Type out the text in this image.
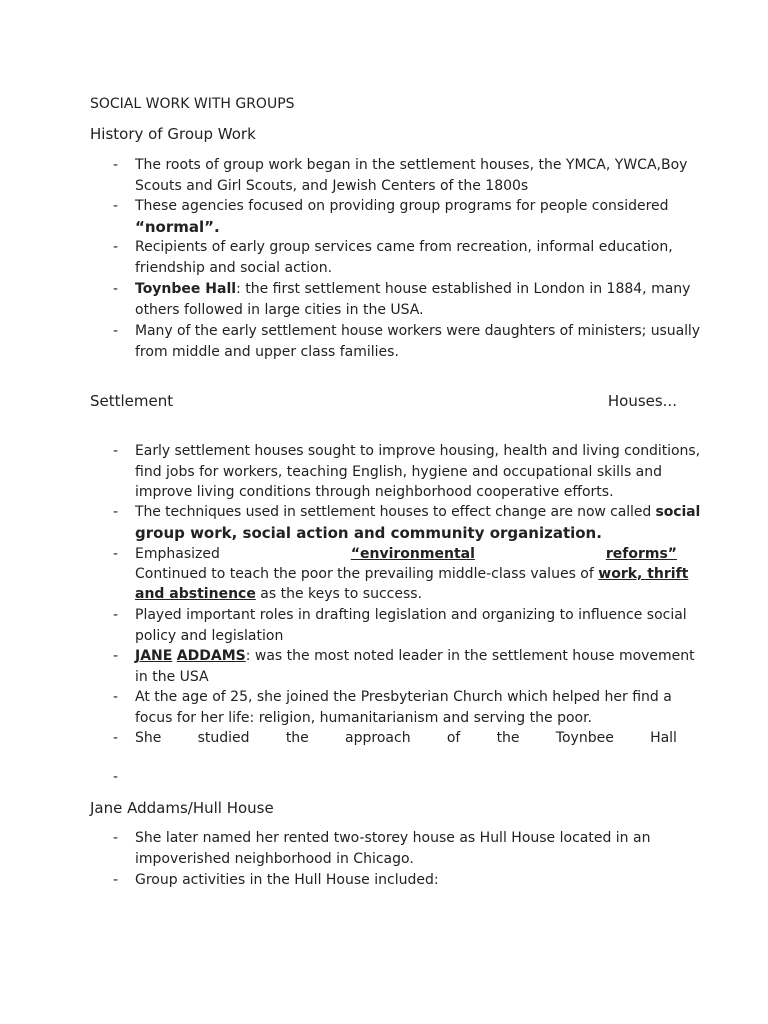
SOCIAL WORK WITH GROUPS
History of Group Work
- The roots of group work began in the settlement houses, the YMCA, YWCA,Boy
Scouts and Girl Scouts, and Jewish Centers of the 1800s
- These agencies focused on providing group programs for people considered
“normal”.
- Recipients of early group services came from recreation, informal education,
friendship and social action.
- Toynbee Hall: the first settlement house established in London in 1884, many
others followed in large cities in the USA.
- Many of the early settlement house workers were daughters of ministers; usually
from middle and upper class families.
Settlement	Houses...
- Early settlement houses sought to improve housing, health and living conditions,
find jobs for workers, teaching English, hygiene and occupational skills and
improve living conditions through neighborhood cooperative efforts.
- The techniques used in settlement houses to effect change are now called social
group work, social action and community organization.
- Emphasized	“environmental	reforms”
Continued to teach the poor the prevailing middle-class values of work, thrift
and abstinence as the keys to success.
- Played important roles in drafting legislation and organizing to influence social
policy and legislation
- JANE ADDAMS: was the most noted leader in the settlement house movement
in the USA
- At the age of 25, she joined the Presbyterian Church which helped her find a
focus for her life: religion, humanitarianism and serving the poor.
- She	studied	the	approach	of	the	Toynbee	Hall
-
Jane Addams/Hull House
- She later named her rented two-storey house as Hull House located in an
impoverished neighborhood in Chicago.
- Group activities in the Hull House included:
